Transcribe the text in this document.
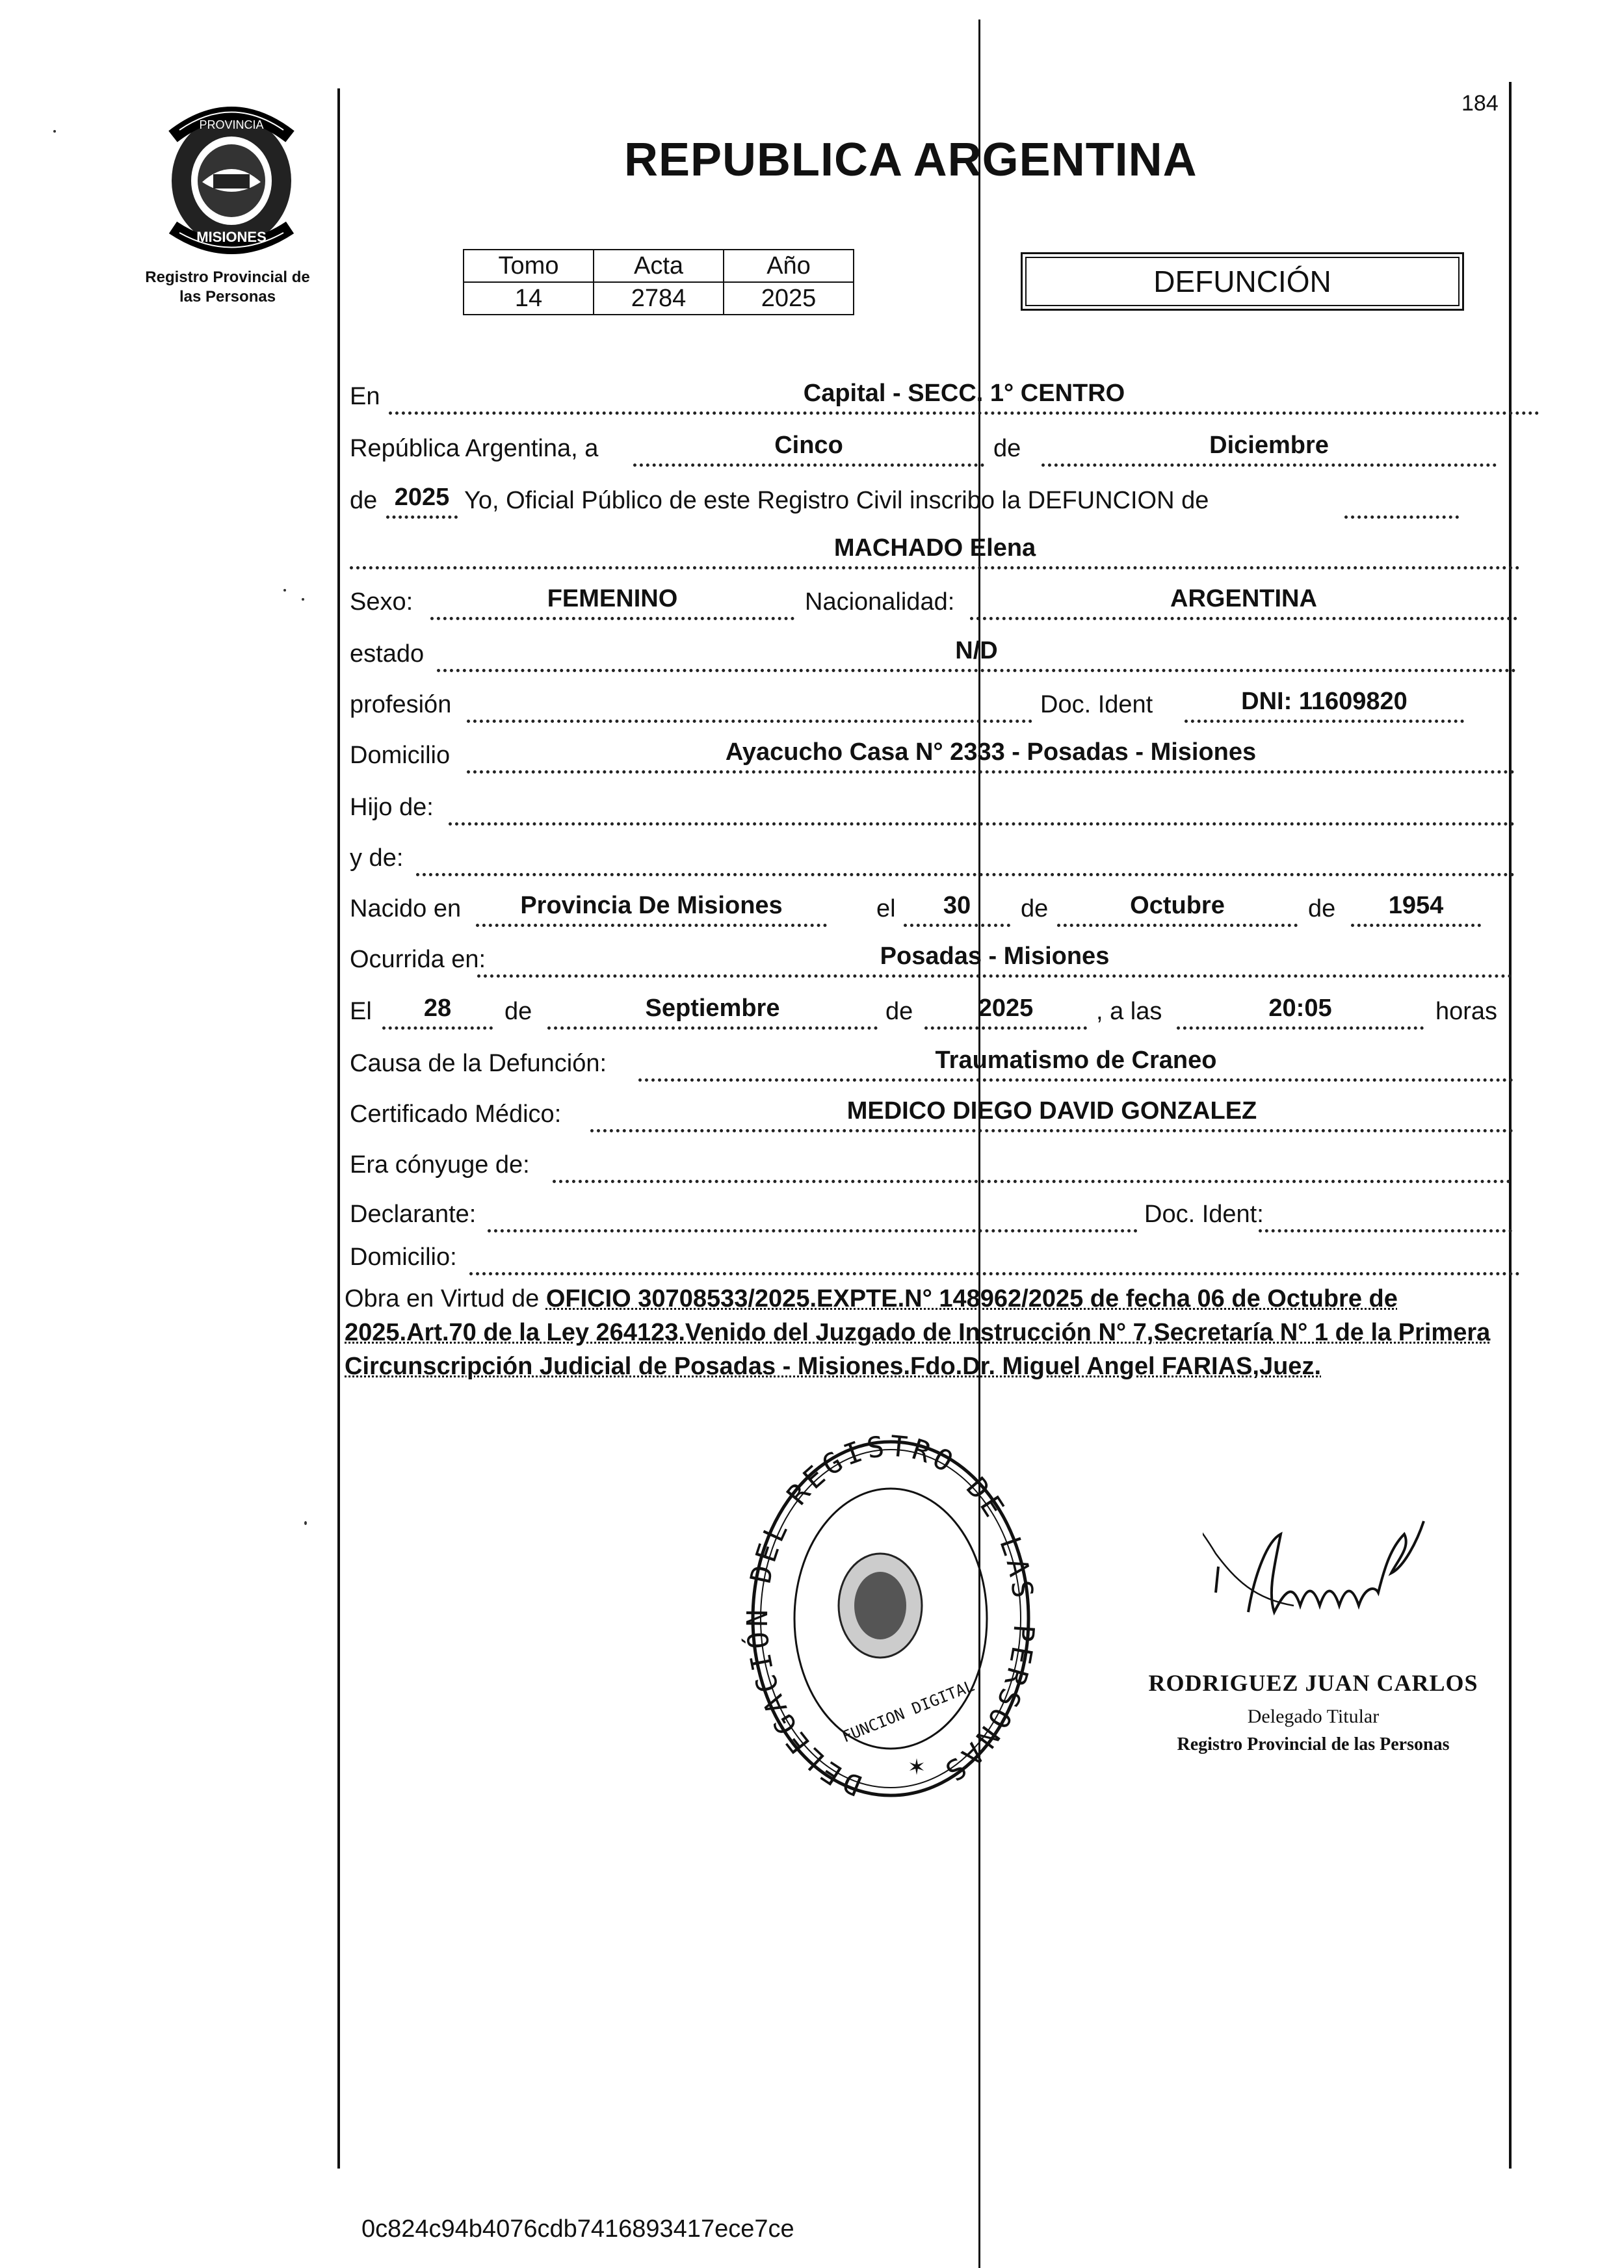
PROVINCIA
MISIONES
Registro Provincial de
las Personas
184
REPUBLICA ARGENTINA
Tomo	Acta	Año
14	2784	2025	DEFUNCIÓN
En	Capital - SECC. 1° CENTRO
República Argentina, a	Cinco	de	Diciembre
de 2025 Yo, Oficial Público de este Registro Civil inscribo la DEFUNCION de
MACHADO Elena
Sexo:	FEMENINO	Nacionalidad:	ARGENTINA
estado	N/D
profesión	Doc. Ident	DNI: 11609820
Domicilio	Ayacucho Casa N° 2333 - Posadas - Misiones
Hijo de:
y de:
Nacido en	Provincia De Misiones	el	30	de	Octubre	de	1954
Ocurrida en:	Posadas - Misiones
El	28	de	Septiembre	de	2025	, a las	20:05	horas
Causa de la Defunción:	Traumatismo de Craneo
Certificado Médico:	MEDICO DIEGO DAVID GONZALEZ
Era cónyuge de:
Declarante:	Doc. Ident:
Domicilio:
Obra en Virtud de OFICIO 30708533/2025.EXPTE.N° 148962/2025 de fecha 06 de Octubre de 2025.Art.70 de la Ley 264123.Venido del Juzgado de Instrucción N° 7,Secretaría N° 1 de la Primera Circunscripción Judicial de Posadas - Misiones.Fdo.Dr. Miguel Angel FARIAS,Juez.
DELEGACIÓN DEL REGISTRO DE LAS PERSONAS
FUNCION DIGITAL
✶
RODRIGUEZ JUAN CARLOS
Delegado Titular
Registro Provincial de las Personas
0c824c94b4076cdb7416893417ece7ce
